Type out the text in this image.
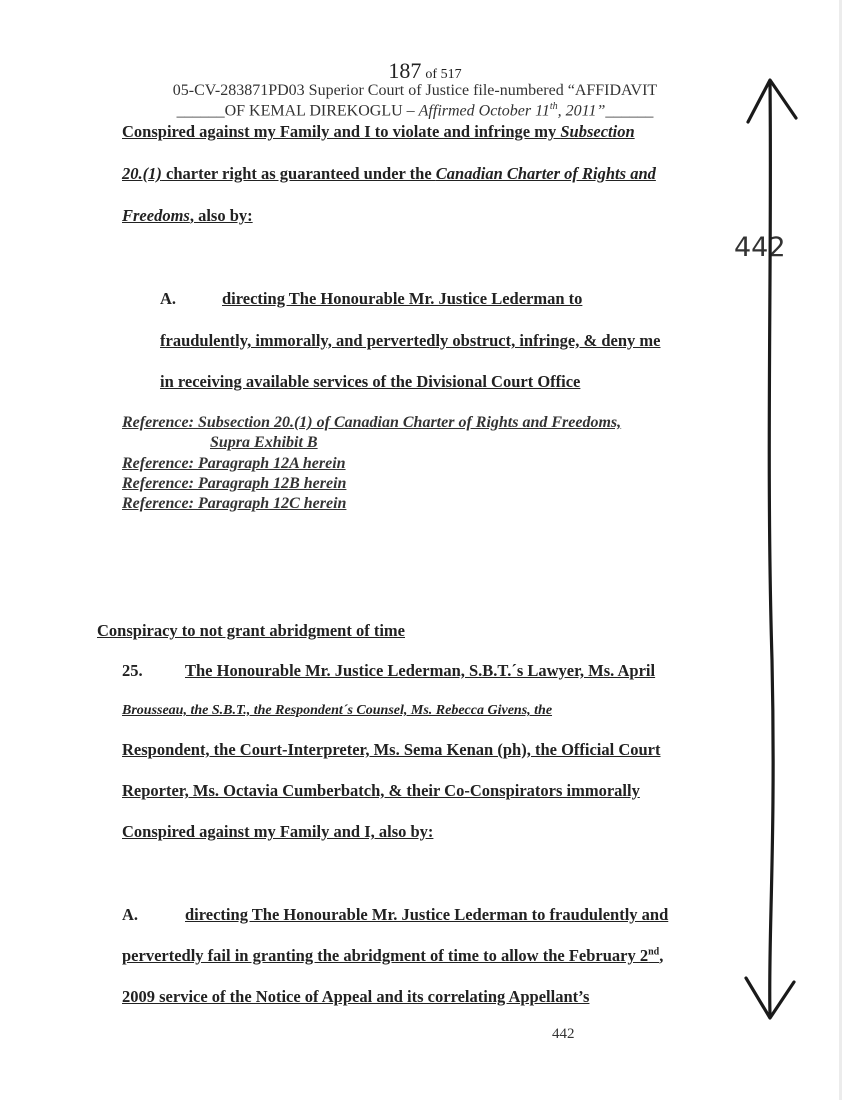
187 of 517
05-CV-283871PD03 Superior Court of Justice file-numbered “AFFIDAVIT
______OF KEMAL DIREKOGLU – Affirmed October 11th, 2011”______
Conspired against my Family and I to violate and infringe my Subsection
20.(1) charter right as guaranteed under the Canadian Charter of Rights and
Freedoms, also by:
A.	directing The Honourable Mr. Justice Lederman to
fraudulently, immorally, and pervertedly obstruct, infringe, & deny me
in receiving available services of the Divisional Court Office
Reference: Subsection 20.(1) of Canadian Charter of Rights and Freedoms,
Supra Exhibit B
Reference: Paragraph 12A herein
Reference: Paragraph 12B herein
Reference: Paragraph 12C herein
Conspiracy to not grant abridgment of time
25.	The Honourable Mr. Justice Lederman, S.B.T.´s Lawyer, Ms. April
Brousseau, the S.B.T., the Respondent´s Counsel, Ms. Rebecca Givens, the
Respondent, the Court-Interpreter, Ms. Sema Kenan (ph), the Official Court
Reporter, Ms. Octavia Cumberbatch, & their Co-Conspirators immorally
Conspired against my Family and I, also by:
A.	directing The Honourable Mr. Justice Lederman to fraudulently and
pervertedly fail in granting the abridgment of time to allow the February 2nd,
2009 service of the Notice of Appeal and its correlating Appellant’s
442
442
